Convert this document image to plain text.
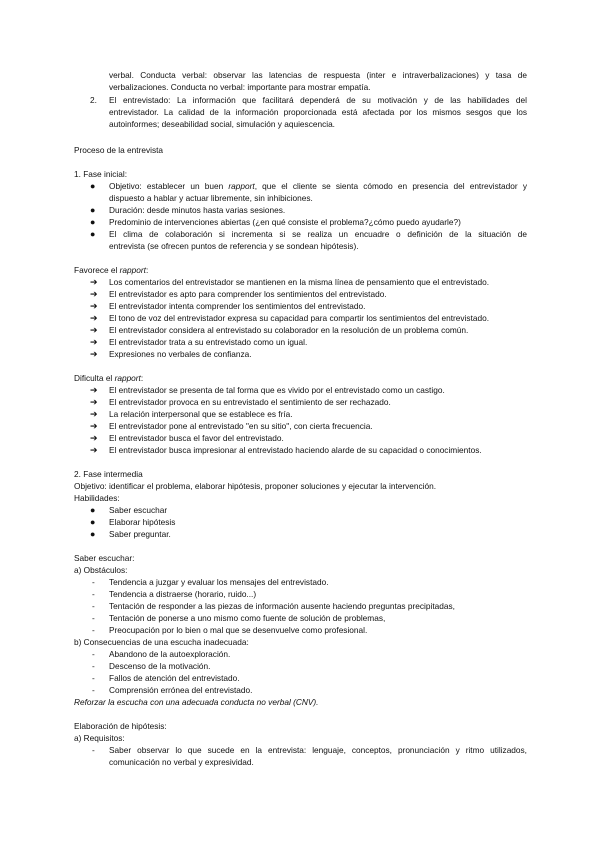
verbal. Conducta verbal: observar las latencias de respuesta (inter e intraverbalizaciones) y tasa de
verbalizaciones. Conducta no verbal: importante para mostrar empatía.
2. El entrevistado: La información que facilitará dependerá de su motivación y de las habilidades del
entrevistador. La calidad de la información proporcionada está afectada por los mismos sesgos que los
autoinformes; deseabilidad social, simulación y aquiescencia.
Proceso de la entrevista
1. Fase inicial:
● Objetivo: establecer un buen rapport, que el cliente se sienta cómodo en presencia del entrevistador y
dispuesto a hablar y actuar libremente, sin inhibiciones.
● Duración: desde minutos hasta varias sesiones.
● Predominio de intervenciones abiertas (¿en qué consiste el problema?¿cómo puedo ayudarle?)
● El clima de colaboración si incrementa si se realiza un encuadre o definición de la situación de
entrevista (se ofrecen puntos de referencia y se sondean hipótesis).
Favorece el rapport:
➔ Los comentarios del entrevistador se mantienen en la misma línea de pensamiento que el entrevistado.
➔ El entrevistador es apto para comprender los sentimientos del entrevistado.
➔ El entrevistador intenta comprender los sentimientos del entrevistado.
➔ El tono de voz del entrevistador expresa su capacidad para compartir los sentimientos del entrevistado.
➔ El entrevistador considera al entrevistado su colaborador en la resolución de un problema común.
➔ El entrevistador trata a su entrevistado como un igual.
➔ Expresiones no verbales de confianza.
Dificulta el rapport:
➔ El entrevistador se presenta de tal forma que es vivido por el entrevistado como un castigo.
➔ El entrevistador provoca en su entrevistado el sentimiento de ser rechazado.
➔ La relación interpersonal que se establece es fría.
➔ El entrevistador pone al entrevistado "en su sitio", con cierta frecuencia.
➔ El entrevistador busca el favor del entrevistado.
➔ El entrevistador busca impresionar al entrevistado haciendo alarde de su capacidad o conocimientos.
2. Fase intermedia
Objetivo: identificar el problema, elaborar hipótesis, proponer soluciones y ejecutar la intervención.
Habilidades:
● Saber escuchar
● Elaborar hipótesis
● Saber preguntar.
Saber escuchar:
a) Obstáculos:
- Tendencia a juzgar y evaluar los mensajes del entrevistado.
- Tendencia a distraerse (horario, ruido...)
- Tentación de responder a las piezas de información ausente haciendo preguntas precipitadas,
- Tentación de ponerse a uno mismo como fuente de solución de problemas,
- Preocupación por lo bien o mal que se desenvuelve como profesional.
b) Consecuencias de una escucha inadecuada:
- Abandono de la autoexploración.
- Descenso de la motivación.
- Fallos de atención del entrevistado.
- Comprensión errónea del entrevistado.
Reforzar la escucha con una adecuada conducta no verbal (CNV).
Elaboración de hipótesis:
a) Requisitos:
- Saber observar lo que sucede en la entrevista: lenguaje, conceptos, pronunciación y ritmo utilizados,
comunicación no verbal y expresividad.
